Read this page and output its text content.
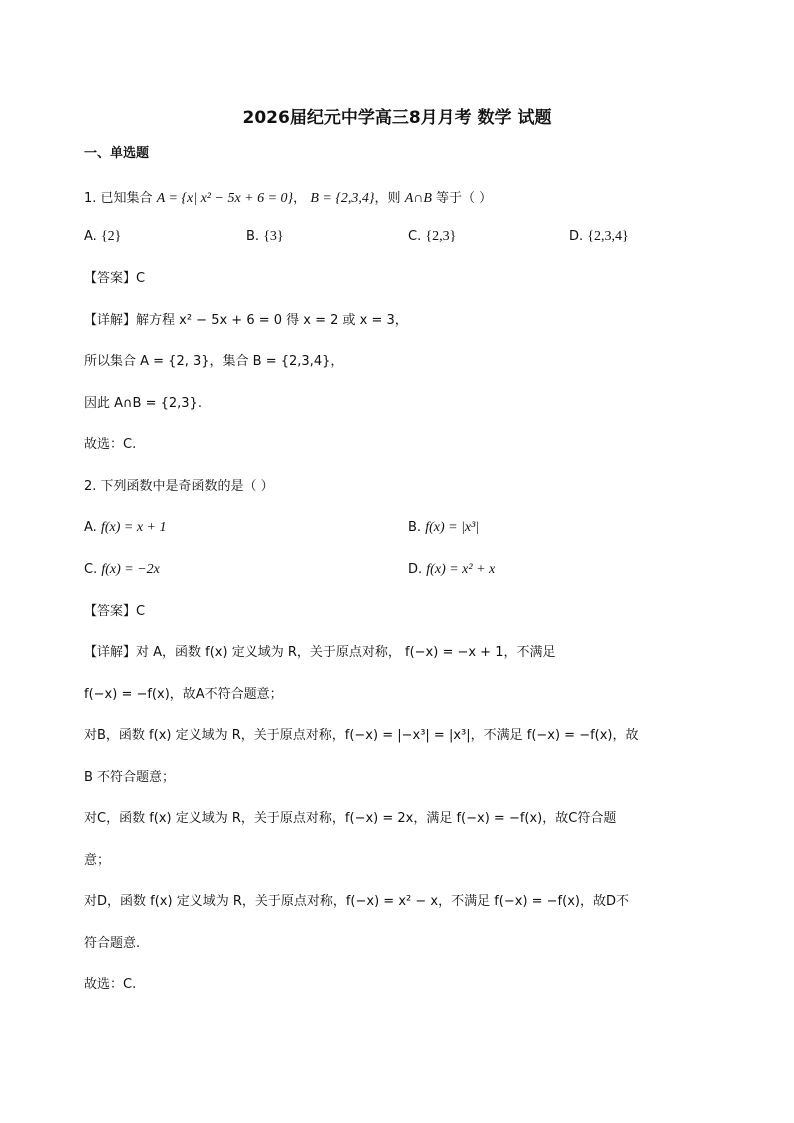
2026届纪元中学高三8月月考 数学 试题
一、单选题
1. 已知集合 A = {x| x² − 5x + 6 = 0}， B = {2,3,4}，则 A∩B 等于（ ）
A. {2}	B. {3}	C. {2,3}	D. {2,3,4}
【答案】C
【详解】解方程 x² − 5x + 6 = 0 得 x = 2 或 x = 3，
所以集合 A = {2, 3}，集合 B = {2,3,4}，
因此 A∩B = {2,3}.
故选：C.
2. 下列函数中是奇函数的是（ ）
A. f(x) = x + 1	B. f(x) = |x³|
C. f(x) = −2x	D. f(x) = x² + x
【答案】C
【详解】对 A，函数 f(x) 定义域为 R，关于原点对称， f(−x) = −x + 1，不满足
f(−x) = −f(x)，故A不符合题意；
对B，函数 f(x) 定义域为 R，关于原点对称，f(−x) = |−x³| = |x³|，不满足 f(−x) = −f(x)，故
B 不符合题意；
对C，函数 f(x) 定义域为 R，关于原点对称，f(−x) = 2x，满足 f(−x) = −f(x)，故C符合题
意；
对D，函数 f(x) 定义域为 R，关于原点对称，f(−x) = x² − x，不满足 f(−x) = −f(x)，故D不
符合题意.
故选：C.
